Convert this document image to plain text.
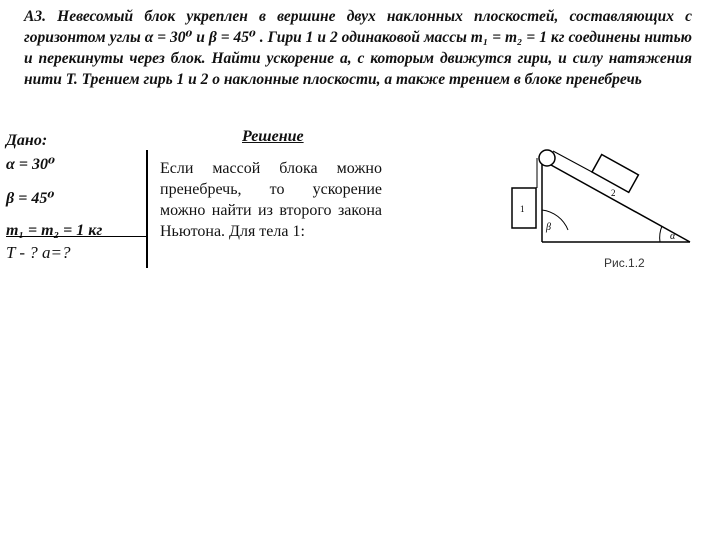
А3. Невесомый блок укреплен в вершине двух наклонных плоскостей, составляющих с горизонтом углы α = 30⁰ и β = 45⁰ . Гири 1 и 2 одинаковой массы m₁ = m₂ = 1 кг соединены нитью и перекинуты через блок. Найти ускорение a, с которым движутся гири, и силу натяжения нити T. Трением гирь 1 и 2 о наклонные плоскости, а также трением в блоке пренебречь
Дано:
α = 30⁰
β = 45⁰
m₁ = m₂ = 1 кг
T - ? a=?
Решение
Если массой блока можно пренебречь, то ускорение можно найти из второго закона Ньютона. Для тела 1:
1
2
β
α
Рис.1.2
